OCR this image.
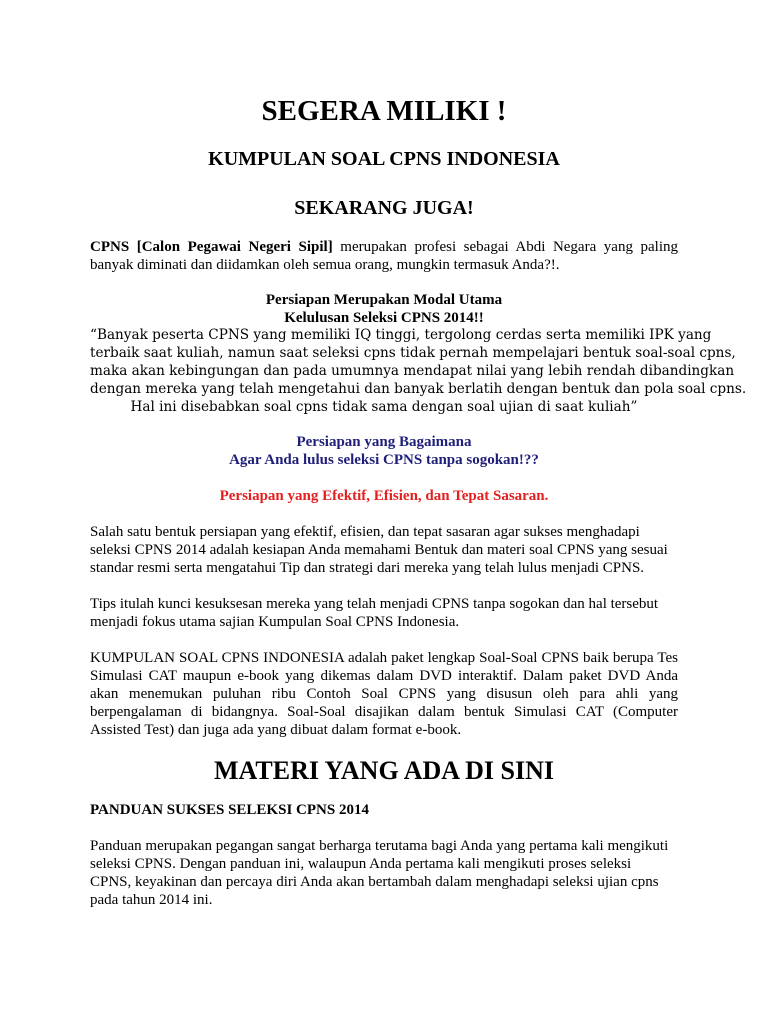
SEGERA MILIKI !
KUMPULAN SOAL CPNS INDONESIA
SEKARANG JUGA!

CPNS [Calon Pegawai Negeri Sipil] merupakan profesi sebagai Abdi Negara yang paling banyak diminati dan diidamkan oleh semua orang, mungkin termasuk Anda?!.

Persiapan Merupakan Modal Utama
Kelulusan Seleksi CPNS 2014!!
“Banyak peserta CPNS yang memiliki IQ tinggi, tergolong cerdas serta memiliki IPK yang
terbaik saat kuliah, namun saat seleksi cpns tidak pernah mempelajari bentuk soal-soal cpns,
maka akan kebingungan dan pada umumnya mendapat nilai yang lebih rendah dibandingkan
dengan mereka yang telah mengetahui dan banyak berlatih dengan bentuk dan pola soal cpns.
Hal ini disebabkan soal cpns tidak sama dengan soal ujian di saat kuliah”
Persiapan yang Bagaimana
Agar Anda lulus seleksi CPNS tanpa sogokan!??
Persiapan yang Efektif, Efisien, dan Tepat Sasaran.

Salah satu bentuk persiapan yang efektif, efisien, dan tepat sasaran agar sukses menghadapi seleksi CPNS 2014 adalah kesiapan Anda memahami Bentuk dan materi soal CPNS yang sesuai standar resmi serta mengatahui Tip dan strategi dari mereka yang telah lulus menjadi CPNS.

Tips itulah kunci kesuksesan mereka yang telah menjadi CPNS tanpa sogokan dan hal tersebut menjadi fokus utama sajian Kumpulan Soal CPNS Indonesia.

KUMPULAN SOAL CPNS INDONESIA adalah paket lengkap Soal-Soal CPNS baik berupa Tes Simulasi CAT maupun e-book yang dikemas dalam DVD interaktif. Dalam paket DVD Anda akan menemukan puluhan ribu Contoh Soal CPNS yang disusun oleh para ahli yang berpengalaman di bidangnya. Soal-Soal disajikan dalam bentuk Simulasi CAT (Computer Assisted Test) dan juga ada yang dibuat dalam format e-book.

MATERI YANG ADA DI SINI
PANDUAN SUKSES SELEKSI CPNS 2014
Panduan merupakan pegangan sangat berharga terutama bagi Anda yang pertama kali mengikuti
seleksi CPNS. Dengan panduan ini, walaupun Anda pertama kali mengikuti proses seleksi
CPNS, keyakinan dan percaya diri Anda akan bertambah dalam menghadapi seleksi ujian cpns
pada tahun 2014 ini.
